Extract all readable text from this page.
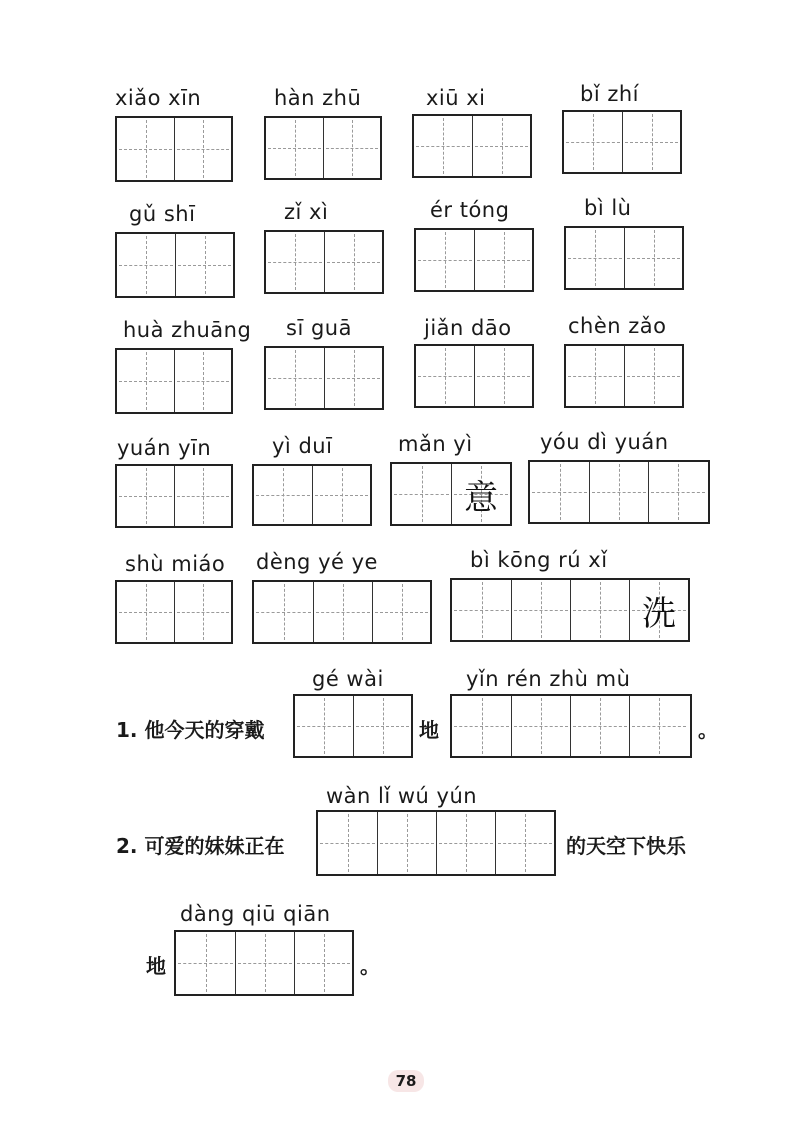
xiǎo xīn	hàn zhū	xiū xi	bǐ zhí
gǔ shī	zǐ xì	ér tóng	bì lù
huà zhuāng sī guā	jiǎn dāo	chèn zǎo
yuán yīn	yì duī	mǎn yì
意
yóu dì yuán
shù miáo dèng yé ye	bì kōng rú xǐ
洗
gé wài	yǐn rén zhù mù
1. 他今天的穿戴	地	。
wàn lǐ wú yún
2. 可爱的妹妹正在	的天空下快乐
dàng qiū qiān
地	。
78
